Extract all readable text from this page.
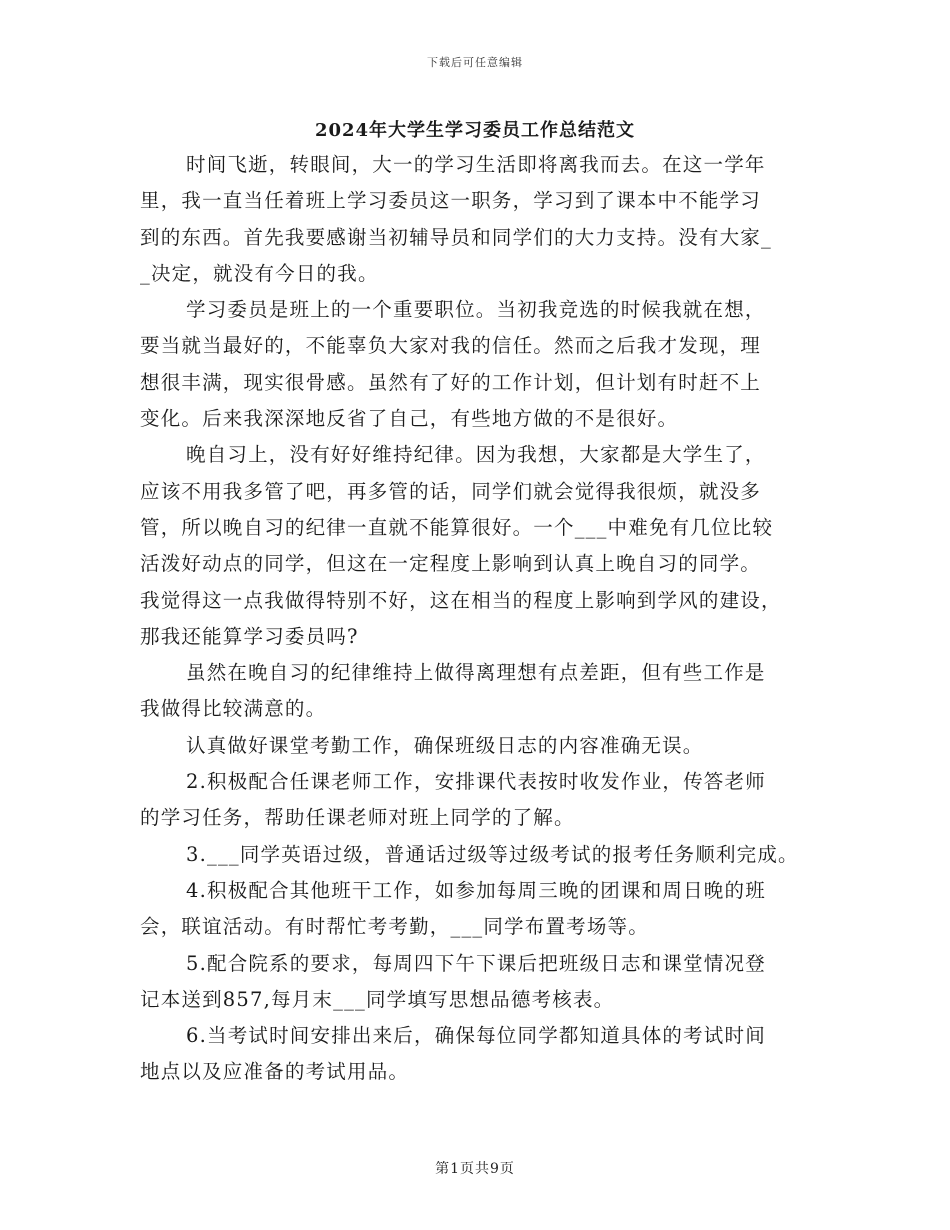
下载后可任意编辑
2024年大学生学习委员工作总结范文
时间飞逝，转眼间，大一的学习生活即将离我而去。在这一学年
里，我一直当任着班上学习委员这一职务，学习到了课本中不能学习
到的东西。首先我要感谢当初辅导员和同学们的大力支持。没有大家_
_决定，就没有今日的我。
学习委员是班上的一个重要职位。当初我竞选的时候我就在想，
要当就当最好的，不能辜负大家对我的信任。然而之后我才发现，理
想很丰满，现实很骨感。虽然有了好的工作计划，但计划有时赶不上
变化。后来我深深地反省了自己，有些地方做的不是很好。
晚自习上，没有好好维持纪律。因为我想，大家都是大学生了，
应该不用我多管了吧，再多管的话，同学们就会觉得我很烦，就没多
管，所以晚自习的纪律一直就不能算很好。一个___中难免有几位比较
活泼好动点的同学，但这在一定程度上影响到认真上晚自习的同学。
我觉得这一点我做得特别不好，这在相当的程度上影响到学风的建设，
那我还能算学习委员吗?
虽然在晚自习的纪律维持上做得离理想有点差距，但有些工作是
我做得比较满意的。
认真做好课堂考勤工作，确保班级日志的内容准确无误。
2.积极配合任课老师工作，安排课代表按时收发作业，传答老师
的学习任务，帮助任课老师对班上同学的了解。
3.___同学英语过级，普通话过级等过级考试的报考任务顺利完成。
4.积极配合其他班干工作，如参加每周三晚的团课和周日晚的班
会，联谊活动。有时帮忙考考勤，___同学布置考场等。
5.配合院系的要求，每周四下午下课后把班级日志和课堂情况登
记本送到857,每月末___同学填写思想品德考核表。
6.当考试时间安排出来后，确保每位同学都知道具体的考试时间
地点以及应准备的考试用品。
第1页共9页
